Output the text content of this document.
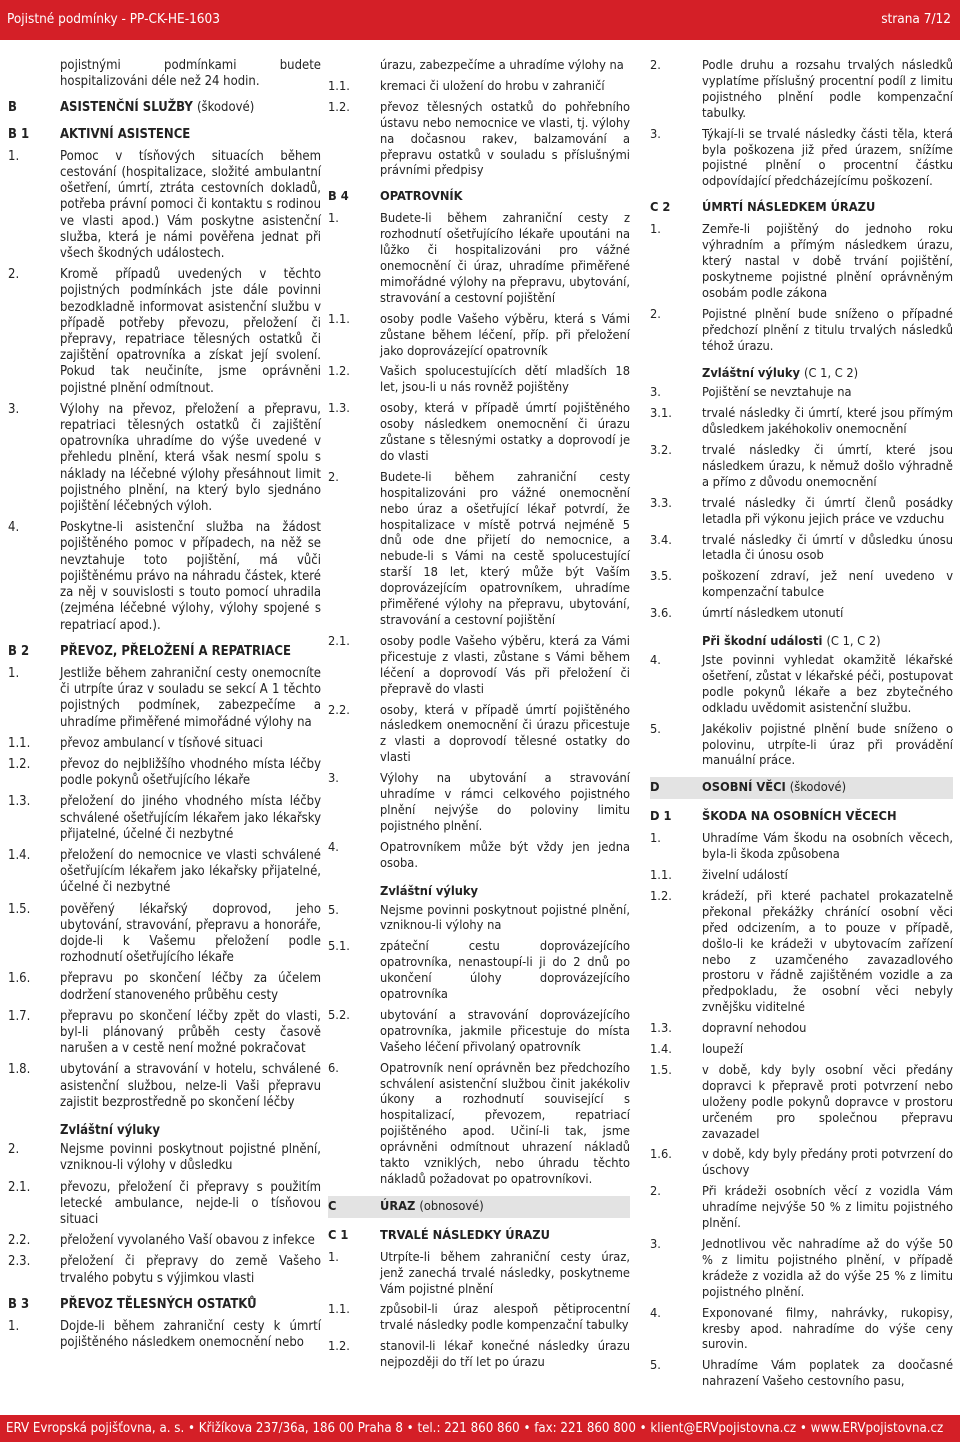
Pojistné podmínky - PP-CK-HE-1603	strana 7/12
pojistnými podmínkami budete hospitalizováni déle než 24 hodin.
B	ASISTENČNÍ SLUŽBY (škodové)
B 1	AKTIVNÍ ASISTENCE
1.	Pomoc v tísňových situacích během cestování (hospitalizace, složité ambulantní ošetření, úmrtí, ztráta cestovních dokladů, potřeba právní pomoci či kontaktu s rodinou ve vlasti apod.) Vám poskytne asistenční služba, která je námi pověřena jednat při všech škodných událostech.
2.	Kromě případů uvedených v těchto pojistných podmínkách jste dále povinni bezodkladně informovat asistenční službu v případě potřeby převozu, přeložení či přepravy, repatriace tělesných ostatků či zajištění opatrovníka a získat její svolení. Pokud tak neučiníte, jsme oprávněni pojistné plnění odmítnout.
3.	Výlohy na převoz, přeložení a přepravu, repatriaci tělesných ostatků či zajištění opatrovníka uhradíme do výše uvedené v přehledu plnění, která však nesmí spolu s náklady na léčebné výlohy přesáhnout limit pojistného plnění, na který bylo sjednáno pojištění léčebných výloh.
4.	Poskytne-li asistenční služba na žádost pojištěného pomoc v případech, na něž se nevztahuje toto pojištění, má vůči pojištěnému právo na náhradu částek, které za něj v souvislosti s touto pomocí uhradila (zejména léčebné výlohy, výlohy spojené s repatriací apod.).
B 2	PŘEVOZ, PŘELOŽENÍ A REPATRIACE
1.	Jestliže během zahraniční cesty onemocníte či utrpíte úraz v souladu se sekcí A 1 těchto pojistných podmínek, zabezpečíme a uhradíme přiměřené mimořádné výlohy na
1.1.	převoz ambulancí v tísňové situaci
1.2.	převoz do nejbližšího vhodného místa léčby podle pokynů ošetřujícího lékaře
1.3.	přeložení do jiného vhodného místa léčby schválené ošetřujícím lékařem jako lékařsky přijatelné, účelné či nezbytné
1.4.	přeložení do nemocnice ve vlasti schválené ošetřujícím lékařem jako lékařsky přijatelné, účelné či nezbytné
1.5.	pověřený lékařský doprovod, jeho ubytování, stravování, přepravu a honoráře, dojde-li k Vašemu přeložení podle rozhodnutí ošetřujícího lékaře
1.6.	přepravu po skončení léčby za účelem dodržení stanoveného průběhu cesty
1.7.	přepravu po skončení léčby zpět do vlasti, byl-li plánovaný průběh cesty časově narušen a v cestě není možné pokračovat
1.8.	ubytování a stravování v hotelu, schválené asistenční službou, nelze-li Vaši přepravu zajistit bezprostředně po skončení léčby
Zvláštní výluky
2.	Nejsme povinni poskytnout pojistné plnění, vzniknou-li výlohy v důsledku
2.1.	převozu, přeložení či přepravy s použitím letecké ambulance, nejde-li o tísňovou situaci
2.2.	přeložení vyvolaného Vaší obavou z infekce
2.3.	přeložení či přepravy do země Vašeho trvalého pobytu s výjimkou vlasti
B 3	PŘEVOZ TĚLESNÝCH OSTATKŮ
1.	Dojde-li během zahraniční cesty k úmrtí pojištěného následkem onemocnění nebo
úrazu, zabezpečíme a uhradíme výlohy na
1.1.	kremaci či uložení do hrobu v zahraničí
1.2.	převoz tělesných ostatků do pohřebního ústavu nebo nemocnice ve vlasti, tj. výlohy na dočasnou rakev, balzamování a přepravu ostatků v souladu s příslušnými právními předpisy
B 4	OPATROVNÍK
1.	Budete-li během zahraniční cesty z rozhodnutí ošetřujícího lékaře upoutáni na lůžko či hospitalizováni pro vážné onemocnění či úraz, uhradíme přiměřené mimořádné výlohy na přepravu, ubytování, stravování a cestovní pojištění
1.1.	osoby podle Vašeho výběru, která s Vámi zůstane během léčení, příp. při přeložení jako doprovázející opatrovník
1.2.	Vašich spolucestujících dětí mladších 18 let, jsou-li u nás rovněž pojištěny
1.3.	osoby, která v případě úmrtí pojištěného osoby následkem onemocnění či úrazu zůstane s tělesnými ostatky a doprovodí je do vlasti
2.	Budete-li během zahraniční cesty hospitalizováni pro vážné onemocnění nebo úraz a ošetřující lékař potvrdí, že hospitalizace v místě potrvá nejméně 5 dnů ode dne přijetí do nemocnice, a nebude-li s Vámi na cestě spolucestující starší 18 let, který může být Vaším doprovázejícím opatrovníkem, uhradíme přiměřené výlohy na přepravu, ubytování, stravování a cestovní pojištění
2.1.	osoby podle Vašeho výběru, která za Vámi přicestuje z vlasti, zůstane s Vámi během léčení a doprovodí Vás při přeložení či přepravě do vlasti
2.2.	osoby, která v případě úmrtí pojištěného následkem onemocnění či úrazu přicestuje z vlasti a doprovodí tělesné ostatky do vlasti
3.	Výlohy na ubytování a stravování uhradíme v rámci celkového pojistného plnění nejvýše do poloviny limitu pojistného plnění.
4.	Opatrovníkem může být vždy jen jedna osoba.
Zvláštní výluky
5.	Nejsme povinni poskytnout pojistné plnění, vzniknou-li výlohy na
5.1.	zpáteční cestu doprovázejícího opatrovníka, nenastoupí-li ji do 2 dnů po ukončení úlohy doprovázejícího opatrovníka
5.2.	ubytování a stravování doprovázejícího opatrovníka, jakmile přicestuje do místa Vašeho léčení přivolaný opatrovník
6.	Opatrovník není oprávněn bez předchozího schválení asistenční službou činit jakékoliv úkony a rozhodnutí související s hospitalizací, převozem, repatriací pojištěného apod. Učiní-li tak, jsme oprávněni odmítnout uhrazení nákladů takto vzniklých, nebo úhradu těchto nákladů požadovat po opatrovníkovi.
C	ÚRAZ (obnosové)
C 1	TRVALÉ NÁSLEDKY ÚRAZU
1.	Utrpíte-li během zahraniční cesty úraz, jenž zanechá trvalé následky, poskytneme Vám pojistné plnění
1.1.	způsobil-li úraz alespoň pětiprocentní trvalé následky podle kompenzační tabulky
1.2.	stanovil-li lékař konečné následky úrazu nejpozději do tří let po úrazu
2.	Podle druhu a rozsahu trvalých následků vyplatíme příslušný procentní podíl z limitu pojistného plnění podle kompenzační tabulky.
3.	Týkají-li se trvalé následky části těla, která byla poškozena již před úrazem, snížíme pojistné plnění o procentní částku odpovídající předcházejícímu poškození.
C 2	ÚMRTÍ NÁSLEDKEM ÚRAZU
1.	Zemře-li pojištěný do jednoho roku výhradním a přímým následkem úrazu, který nastal v době trvání pojištění, poskytneme pojistné plnění oprávněným osobám podle zákona
2.	Pojistné plnění bude sníženo o případné předchozí plnění z titulu trvalých následků téhož úrazu.
Zvláštní výluky (C 1, C 2)
3.	Pojištění se nevztahuje na
3.1.	trvalé následky či úmrtí, které jsou přímým důsledkem jakéhokoliv onemocnění
3.2.	trvalé následky či úmrtí, které jsou následkem úrazu, k němuž došlo výhradně a přímo z důvodu onemocnění
3.3.	trvalé následky či úmrtí členů posádky letadla při výkonu jejich práce ve vzduchu
3.4.	trvalé následky či úmrtí v důsledku únosu letadla či únosu osob
3.5.	poškození zdraví, jež není uvedeno v kompenzační tabulce
3.6.	úmrtí následkem utonutí
Při škodní události (C 1, C 2)
4.	Jste povinni vyhledat okamžitě lékařské ošetření, zůstat v lékařské péči, postupovat podle pokynů lékaře a bez zbytečného odkladu uvědomit asistenční službu.
5.	Jakékoliv pojistné plnění bude sníženo o polovinu, utrpíte-li úraz při provádění manuální práce.
D	OSOBNÍ VĚCI (škodové)
D 1	ŠKODA NA OSOBNÍCH VĚCECH
1.	Uhradíme Vám škodu na osobních věcech, byla-li škoda způsobena
1.1.	živelní událostí
1.2.	krádeží, při které pachatel prokazatelně překonal překážky chránící osobní věci před odcizením, a to pouze v případě, došlo-li ke krádeži v ubytovacím zařízení nebo z uzamčeného zavazadlového prostoru v řádně zajištěném vozidle a za předpokladu, že osobní věci nebyly zvnějšku viditelné
1.3.	dopravní nehodou
1.4.	loupeží
1.5.	v době, kdy byly osobní věci předány dopravci k přepravě proti potvrzení nebo uloženy podle pokynů dopravce v prostoru určeném pro společnou přepravu zavazadel
1.6.	v době, kdy byly předány proti potvrzení do úschovy
2.	Při krádeži osobních věcí z vozidla Vám uhradíme nejvýše 50 % z limitu pojistného plnění.
3.	Jednotlivou věc nahradíme až do výše 50 % z limitu pojistného plnění, v případě krádeže z vozidla až do výše 25 % z limitu pojistného plnění.
4.	Exponované filmy, nahrávky, rukopisy, kresby apod. nahradíme do výše ceny surovin.
5.	Uhradíme Vám poplatek za doočasné nahrazení Vašeho cestovního pasu,
ERV Evropská pojišťovna, a. s. • Křižíkova 237/36a, 186 00 Praha 8 • tel.: 221 860 860 • fax: 221 860 800 • klient@ERVpojistovna.cz • www.ERVpojistovna.cz
